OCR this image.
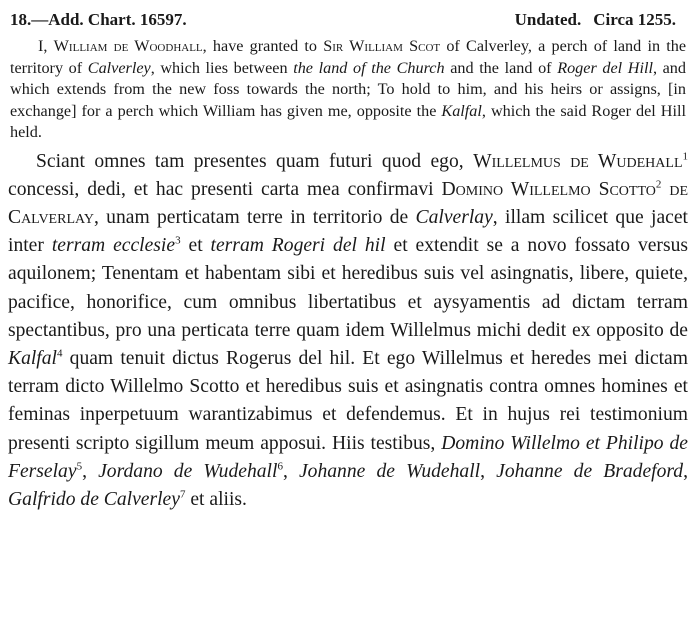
18.—Add. Chart. 16597.	Undated. Circa 1255.

I, William de Woodhall, have granted to Sir William Scot of Calverley, a perch of land in the territory of Calverley, which lies between the land of the Church and the land of Roger del Hill, and which extends from the new foss towards the north; To hold to him, and his heirs or assigns, [in exchange] for a perch which William has given me, opposite the Kalfal, which the said Roger del Hill held.

Sciant omnes tam presentes quam futuri quod ego, Willelmus de Wudehall$^1$ concessi, dedi, et hac presenti carta mea confirmavi Domino Willelmo Scotto$^2$ de Calverlay, unam perticatam terre in territorio de Calverlay, illam scilicet que jacet inter terram ecclesie$^3$ et terram Rogeri del hil et extendit se a novo fossato versus aquilonem; Tenentam et habentam sibi et heredibus suis vel asingnatis, libere, quiete, pacifice, honorifice, cum omnibus libertatibus et aysyamentis ad dictam terram spectantibus, pro una perticata terre quam idem Willelmus michi dedit ex opposito de Kalfal$^4$ quam tenuit dictus Rogerus del hil. Et ego Willelmus et heredes mei dictam terram dicto Willelmo Scotto et heredibus suis et asingnatis contra omnes homines et feminas inperpetuum warantizabimus et defendemus. Et in hujus rei testimonium presenti scripto sigillum meum apposui. Hiis testibus, Domino Willelmo et Philipo de Ferselay$^5$, Jordano de Wudehall$^6$, Johanne de Wudehall, Johanne de Bradeford, Galfrido de Calverley$^7$ et aliis.
